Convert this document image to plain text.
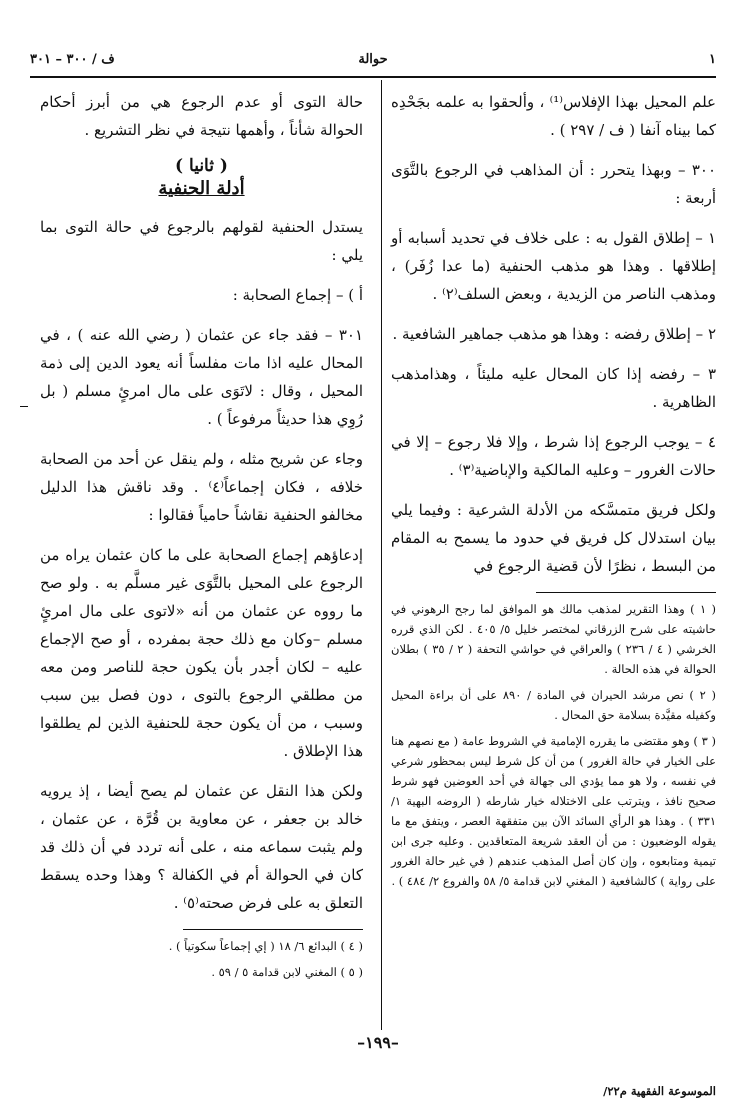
ف / ٣٠٠ – ٣٠١	حوالة	١

علم المحيل بهذا الإفلاس⁽¹⁾ ، وألحقوا به علمه بجَحْدِه كما بيناه آنفا ( ف / ٢٩٧ ) .

٣٠٠ – وبهذا يتحرر : أن المذاهب في الرجوع بالتَّوَى أربعة :

١ – إطلاق القول به : على خلاف في تحديد أسبابه أو إطلاقها . وهذا هو مذهب الحنفية (ما عدا زُفَر) ، ومذهب الناصر من الزيدية ، وبعض السلف⁽٢⁾ .

٢ – إطلاق رفضه : وهذا هو مذهب جماهير الشافعية .

٣ – رفضه إذا كان المحال عليه مليئاً ، وهذامذهب الظاهرية .

٤ – يوجب الرجوع إذا شرط ، وإلا فلا رجوع – إلا في حالات الغرور – وعليه المالكية والإباضية⁽٣⁾ .

ولكل فريق متمسَّكه من الأدلة الشرعية : وفيما يلي بيان استدلال كل فريق في حدود ما يسمح به المقام من البسط ، نظرًا لأن قضية الرجوع في

( ١ ) وهذا التقرير لمذهب مالك هو الموافق لما رجح الرهوني في حاشيته على شرح الزرقاني لمختصر خليل ٥/ ٤٠٥ . لكن الذي قرره الخرشي ( ٤ / ٢٣٦ ) والعراقي في حواشي التحفة ( ٢ / ٣٥ ) بطلان الحوالة في هذه الحالة .
( ٢ ) نص مرشد الحيران في المادة / ٨٩٠ على أن براءة المحيل وكفيله مقيَّدة بسلامة حق المحال .
( ٣ ) وهو مقتضى ما يقرره الإمامية في الشروط عامة ( مع نصهم هنا على الخيار في حالة الغرور ) من أن كل شرط ليس بمحظور شرعي في نفسه ، ولا هو مما يؤدي الى جهالة في أحد العوضين فهو شرط صحيح نافذ ، ويترتب على الاختلاله خيار شارطه ( الروضه البهية ١/ ٣٣١ ) . وهذا هو الرأي السائد الآن بين متفقهة العصر ، ويتفق مع ما يقوله الوضعيون : من أن العقد شريعة المتعاقدين . وعليه جرى ابن تيمية ومتابعوه ، وإن كان أصل المذهب عندهم ( في غير حالة الغرور على رواية ) كالشافعية ( المغني لابن قدامة ٥/ ٥٨ والفروع ٢/ ٤٨٤ ) .

حالة التوى أو عدم الرجوع هي من أبرز أحكام الحوالة شأناً ، وأهمها نتيجة في نظر التشريع .

( ثانيا )
أدلة الحنفية

يستدل الحنفية لقولهم بالرجوع في حالة التوى بما يلي :

أ ) – إجماع الصحابة :

٣٠١ – فقد جاء عن عثمان ( رضي الله عنه ) ، في المحال عليه اذا مات مفلساً أنه يعود الدين إلى ذمة المحيل ، وقال : لاتَوَى على مال امرئٍ مسلم ( بل رُوِي هذا حديثاً مرفوعاً ) .

وجاء عن شريح مثله ، ولم ينقل عن أحد من الصحابة خلافه ، فكان إجماعاً⁽٤⁾ . وقد ناقش هذا الدليل مخالفو الحنفية نقاشاً حامياً فقالوا :

إدعاؤهم إجماع الصحابة على ما كان عثمان يراه من الرجوع على المحيل بالتَّوَى غير مسلَّم به . ولو صح ما رووه عن عثمان من أنه «لاتوى على مال امرئٍ مسلم –وكان مع ذلك حجة بمفرده ، أو صح الإجماع عليه – لكان أجدر بأن يكون حجة للناصر ومن معه من مطلقي الرجوع بالتوى ، دون فصل بين سبب وسبب ، من أن يكون حجة للحنفية الذين لم يطلقوا هذا الإطلاق .

ولكن هذا النقل عن عثمان لم يصح أيضا ، إذ يرويه خالد بن جعفر ، عن معاوية بن قُرَّة ، عن عثمان ، ولم يثبت سماعه منه ، على أنه تردد في أن ذلك قد كان في الحوالة أم في الكفالة ؟ وهذا وحده يسقط التعلق به على فرض صحته⁽٥⁾ .

( ٤ ) البدائع ٦/ ١٨ ( إي إجماعاً سكوتياً ) .
( ٥ ) المغني لابن قدامة ٥ / ٥٩ .
–١٩٩–
الموسوعة الفقهية م٢٢/
